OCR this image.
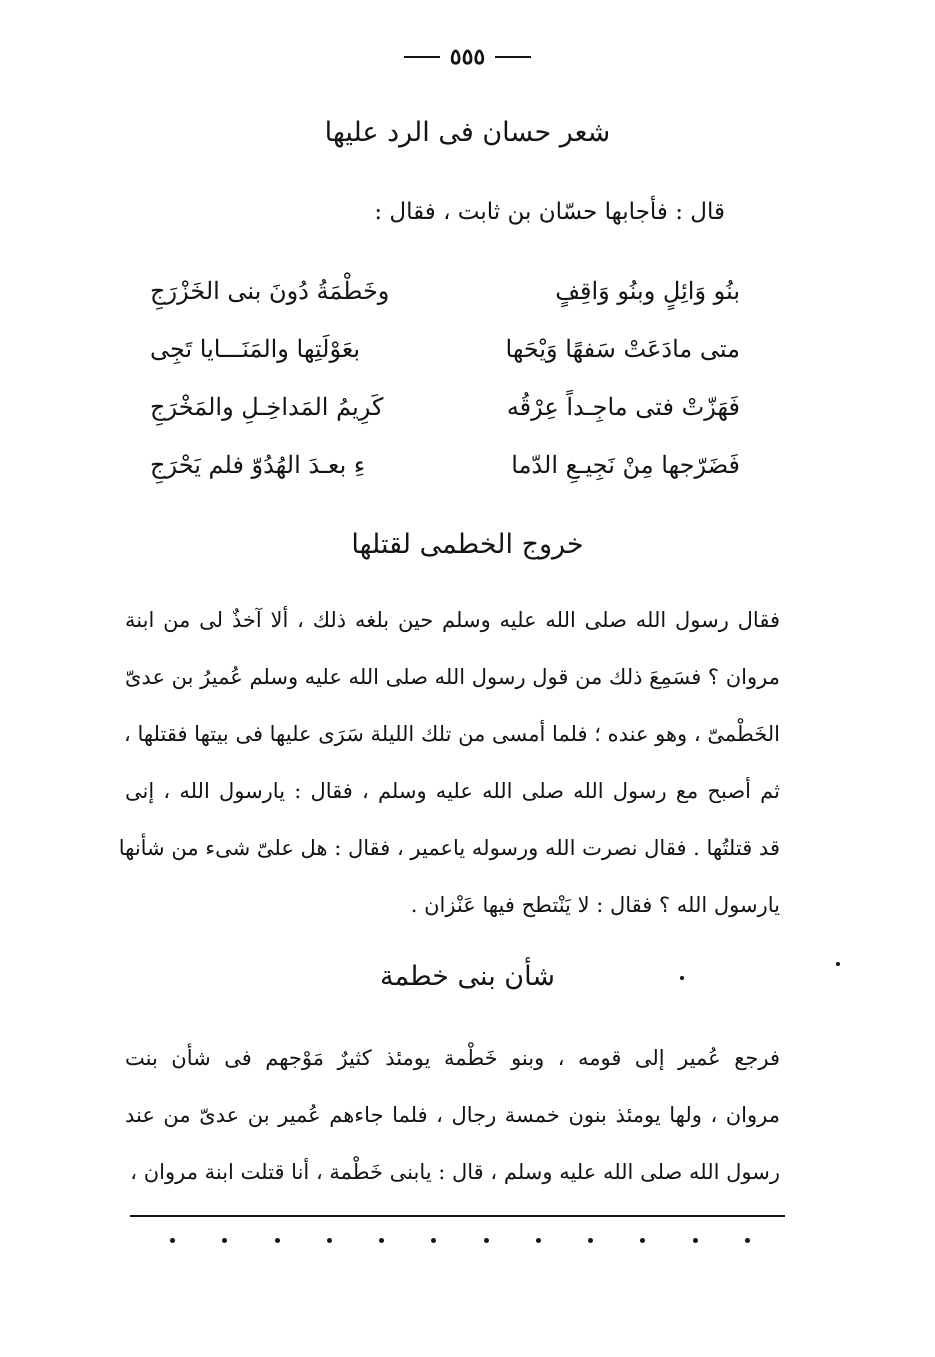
٥٥٥
شعر حسان فى الرد عليها
قال : فأجابها حسّان بن ثابت ، فقال :
بنُو وَائِلٍ وبنُو وَاقِفٍ
وخَطْمَةُ دُونَ بنى الخَزْرَجِ
متى مادَعَتْ سَفهًا وَيْحَها
بعَوْلَتِها والمَنَـــايا تَجِى
فَهَزّتْ فتى ماجِـداً عِرْقُه
كَرِيمُ المَداخِـلِ والمَخْرَجِ
فَضَرّجها مِنْ نَجِيـعِ الدّما
ءِ بعـدَ الهُدُوّ فلم يَحْرَجِ
خروج الخطمى لقتلها
فقال رسول الله صلى الله عليه وسلم حين بلغه ذلك ، ألا آخذٌ لى من ابنة
مروان ؟ فسَمِعَ ذلك من قول رسول الله صلى الله عليه وسلم عُميرُ بن عدىّ
الخَطْمىّ ، وهو عنده ؛ فلما أمسى من تلك الليلة سَرَى عليها فى بيتها فقتلها ،
ثم أصبح مع رسول الله صلى الله عليه وسلم ، فقال : يارسول الله ، إنى
قد قتلتُها . فقال نصرت الله ورسوله ياعمير ، فقال : هل علىّ شىء من شأنها
يارسول الله ؟ فقال : لا يَنْتطح فيها عَنْزان .
شأن بنى خطمة
فرجع عُمير إلى قومه ، وبنو خَطْمة يومئذ كثيرٌ مَوْجهم فى شأن بنت
مروان ، ولها يومئذ بنون خمسة رجال ، فلما جاءهم عُمير بن عدىّ من عند
رسول الله صلى الله عليه وسلم ، قال : يابنى خَطْمة ، أنا قتلت ابنة مروان ،
